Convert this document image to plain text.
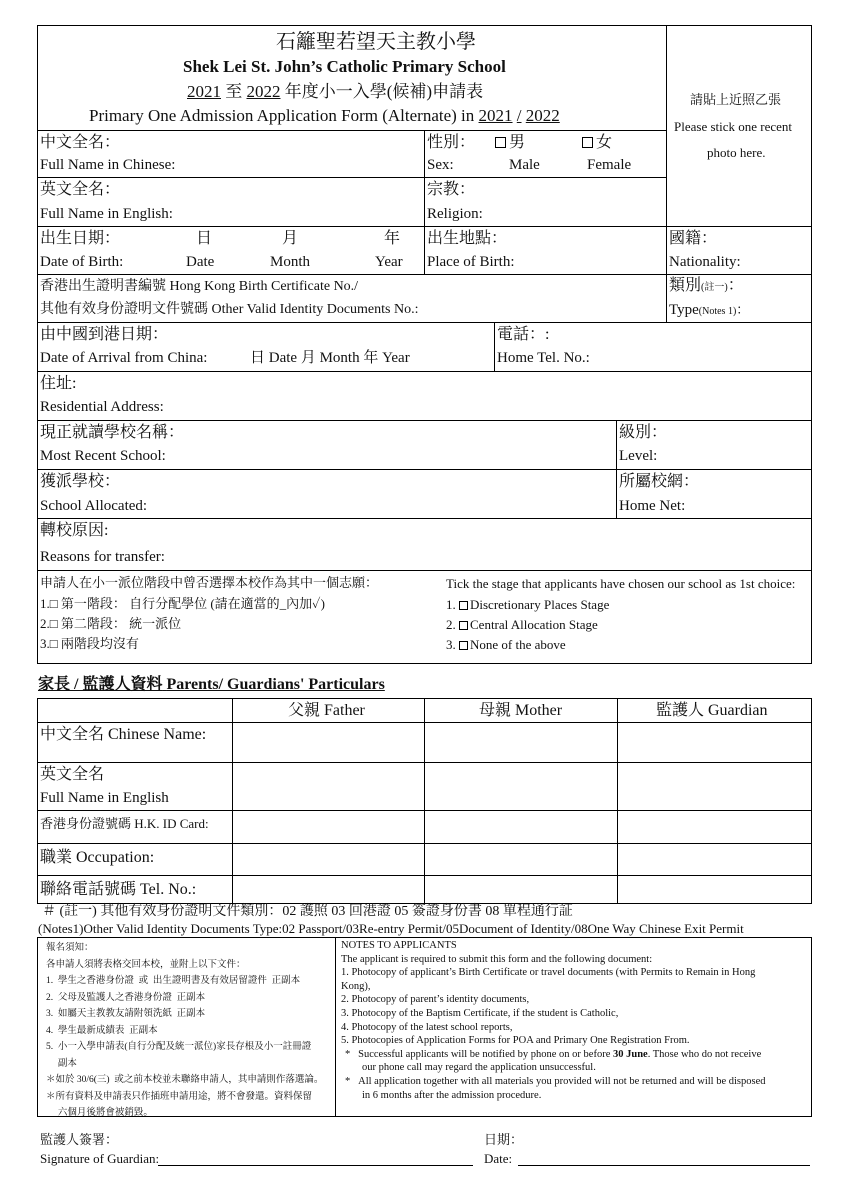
石籬聖若望天主教小學
Shek Lei St. John’s Catholic Primary School
2021 至 2022 年度小一入學(候補)申請表
Primary One Admission Application Form (Alternate) in 2021 / 2022
請貼上近照乙張
Please stick one recent
photo here.
中文全名：
Full Name in Chinese:
性別：	男	女
Sex:	Male	Female
英文全名：
Full Name in English:
宗教：
Religion:
出生日期：	日	月	年
Date of Birth:	Date	Month	Year
出生地點：
Place of Birth:
國籍：
Nationality:
香港出生證明書編號 Hong Kong Birth Certificate No./
其他有效身份證明文件號碼 Other Valid Identity Documents No.:
類別(註一)：
Type(Notes 1)：
由中國到港日期：
Date of Arrival from China:	日 Date 月 Month 年 Year
電話：:
Home Tel. No.:
住址:
Residential Address:
現正就讀學校名稱：
Most Recent School:
級別：
Level:
獲派學校：
School Allocated:
所屬校網：
Home Net:
轉校原因:
Reasons for transfer:
申請人在小一派位階段中曾否選擇本校作為其中一個志願：
1.□ 第一階段： 自行分配學位 (請在適當的_內加✓)
2.□ 第二階段： 統一派位
3.□ 兩階段均沒有
Tick the stage that applicants have chosen our school as 1st choice:
1. Discretionary Places Stage
2. Central Allocation Stage
3. None of the above
家長 / 監護人資料 Parents/ Guardians' Particulars
父親 Father	母親 Mother	監護人 Guardian
中文全名 Chinese Name:
英文全名
Full Name in English
香港身份證號碼 H.K. ID Card:
職業 Occupation:
聯絡電話號碼 Tel. No.:
＃ (註一) 其他有效身份證明文件類別：02 護照 03 回港證 05 簽證身份書 08 單程通行証
(Notes1)Other Valid Identity Documents Type:02 Passport/03Re-entry Permit/05Document of Identity/08One Way Chinese Exit Permit
報名須知：
各申請人須將表格交回本校，並附上以下文件：
1.  學生之香港身份證  或  出生證明書及有效居留證件  正副本
2.  父母及監護人之香港身份證  正副本
3.  如屬天主教教友請附領洗紙  正副本
4.  學生最新成績表  正副本
5.  小一入學申請表(自行分配及統一派位)家長存根及小一註冊證
副本
＊如於 30/6(三)  或之前本校並未聯絡申請人，其申請則作落選論。
＊所有資料及申請表只作插班申請用途，將不會發還。資料保留
六個月後將會被銷毀。
NOTES TO APPLICANTS
The applicant is required to submit this form and the following document:
1. Photocopy of applicant’s Birth Certificate or travel documents (with Permits to Remain in Hong
Kong),
2. Photocopy of parent’s identity documents,
3. Photocopy of the Baptism Certificate, if the student is Catholic,
4. Photocopy of the latest school reports,
5. Photocopies of Application Forms for POA and Primary One Registration From.
*   Successful applicants will be notified by phone on or before 30 June. Those who do not receive
our phone call may regard the application unsuccessful.
*   All application together with all materials you provided will not be returned and will be disposed
in 6 months after the admission procedure.
監護人簽署：
Signature of Guardian:
日期：
Date:
